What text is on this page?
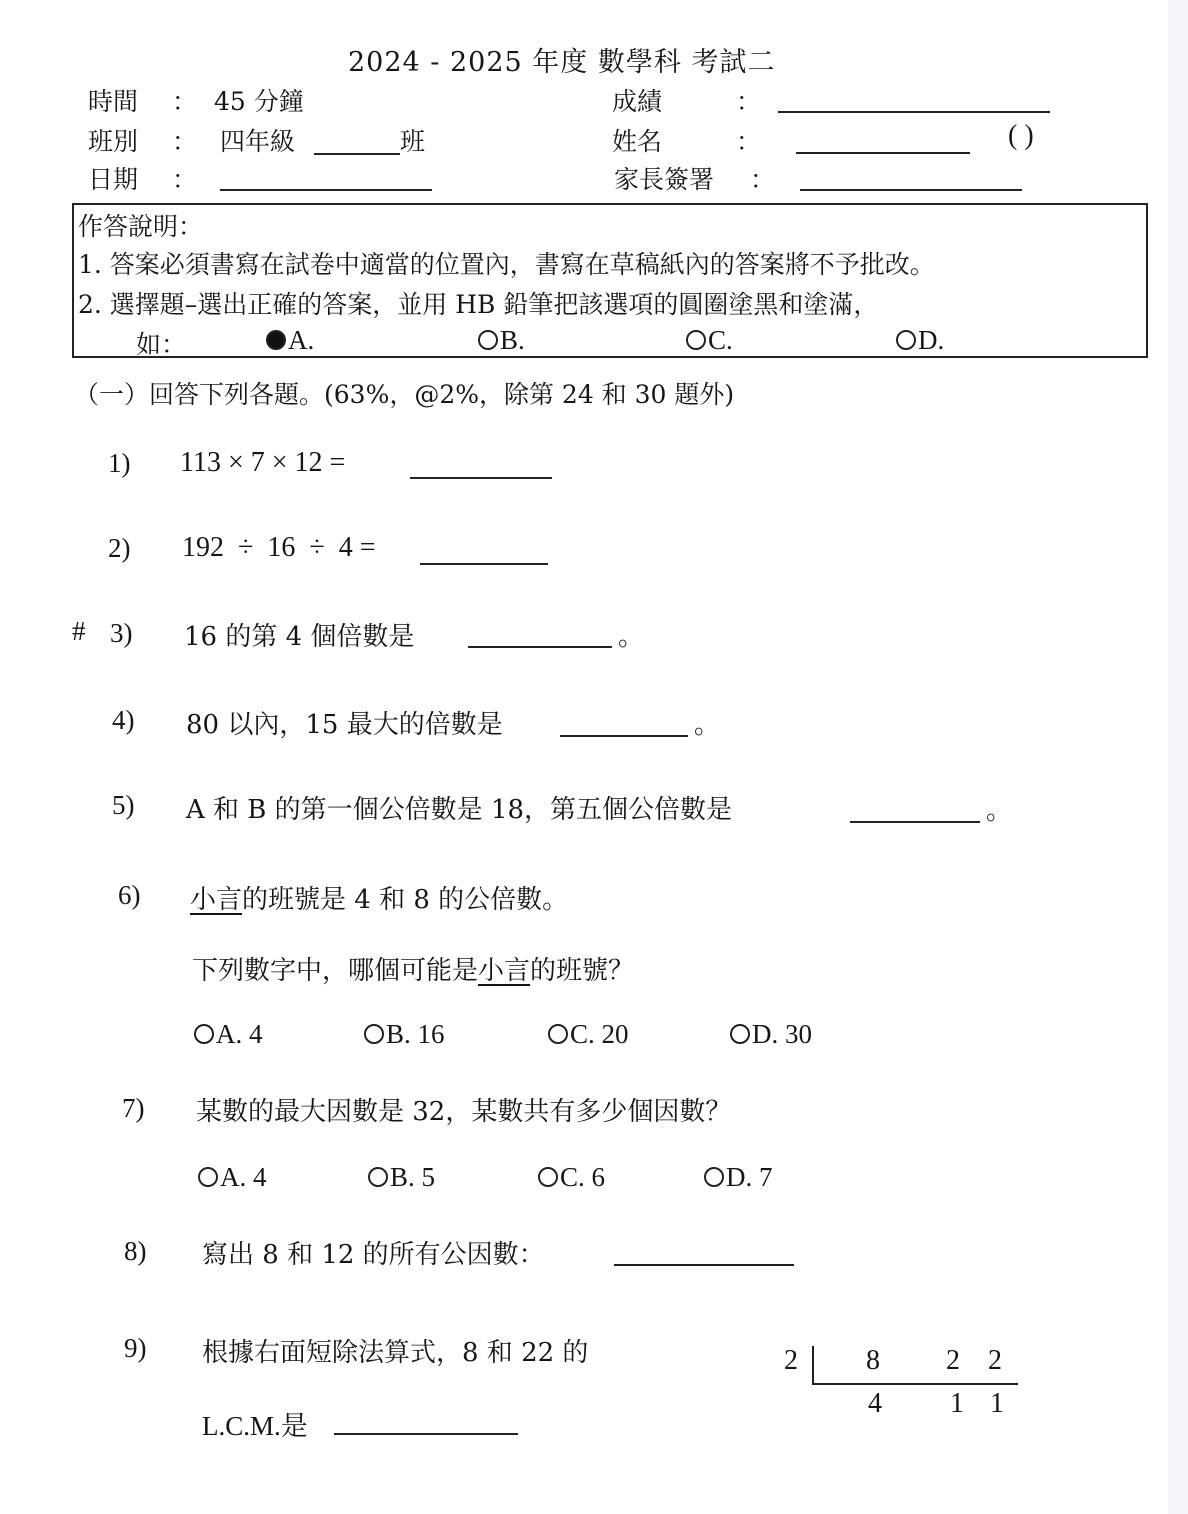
2024 - 2025 年度 數學科 考試二
時間 ： 45 分鐘
班別 ： 四年級	班
日期 ：
成績	：
姓名	：	( )
家長簽署 ：
作答說明：
1. 答案必須書寫在試卷中適當的位置內，書寫在草稿紙內的答案將不予批改。
2. 選擇題–選出正確的答案，並用 HB 鉛筆把該選項的圓圈塗黑和塗滿，
如：	A.	B.	C.	D.
（一）回答下列各題。(63%，@2%，除第 24 和 30 題外)
1) 113 × 7 × 12 =
2) 192  ÷  16  ÷  4 =
# 3) 16 的第 4 個倍數是	。
4) 80 以內，15 最大的倍數是	。
5) A 和 B 的第一個公倍數是 18，第五個公倍數是	。
6) 小言的班號是 4 和 8 的公倍數。
下列數字中，哪個可能是小言的班號？
A. 4	B. 16	C. 20	D. 30
7) 某數的最大因數是 32，某數共有多少個因數？
A. 4	B. 5	C. 6	D. 7
8) 寫出 8 和 12 的所有公因數：
9) 根據右面短除法算式，8 和 22 的
L.C.M.是
2 8 2 2
4 1 1
